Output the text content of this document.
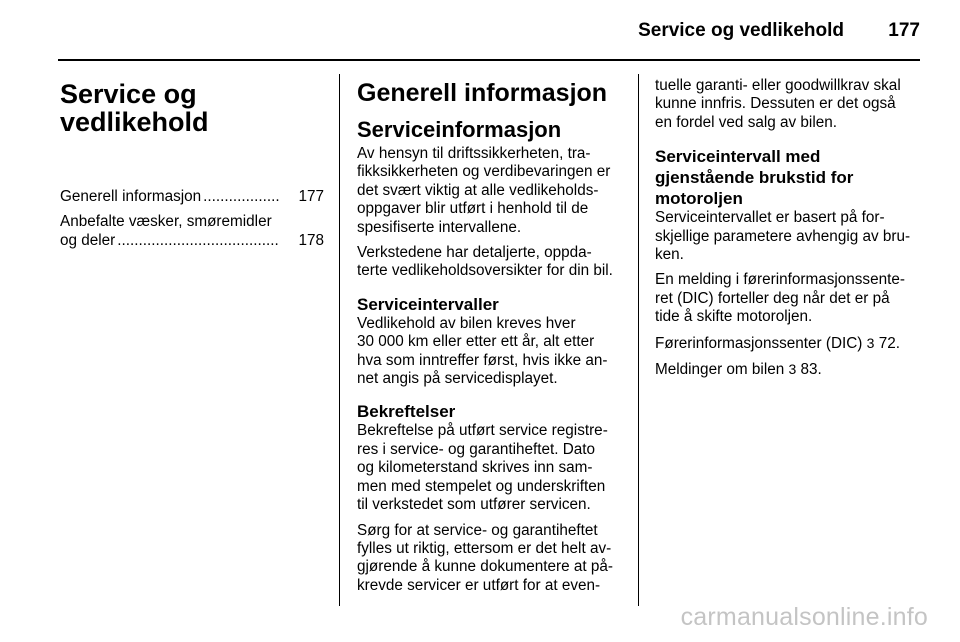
Service og vedlikehold 177
Service og vedlikehold
Generell informasjon ..................	177
Anbefalte væsker, smøremidler
og deler ......................................	178
Generell informasjon
Serviceinformasjon

Av hensyn til driftssikkerheten, tra-
fikksikkerheten og verdibevaringen er
det svært viktig at alle vedlikeholds-
oppgaver blir utført i henhold til de
spesifiserte intervallene.

Verkstedene har detaljerte, oppda-
terte vedlikeholdsoversikter for din bil.

Serviceintervaller

Vedlikehold av bilen kreves hver
30 000 km eller etter ett år, alt etter
hva som inntreffer først, hvis ikke an-
net angis på servicedisplayet.

Bekreftelser

Bekreftelse på utført service registre-
res i service- og garantiheftet. Dato
og kilometerstand skrives inn sam-
men med stempelet og underskriften
til verkstedet som utfører servicen.

Sørg for at service- og garantiheftet
fylles ut riktig, ettersom er det helt av-
gjørende å kunne dokumentere at på-
krevde servicer er utført for at even-

tuelle garanti- eller goodwillkrav skal
kunne innfris. Dessuten er det også
en fordel ved salg av bilen.

Serviceintervall med
gjenstående brukstid for
motoroljen

Serviceintervallet er basert på for-
skjellige parametere avhengig av bru-
ken.

En melding i førerinformasjonssente-
ret (DIC) forteller deg når det er på
tide å skifte motoroljen.

Førerinformasjonssenter (DIC) 3 72.

Meldinger om bilen 3 83.

carmanualsonline.info
